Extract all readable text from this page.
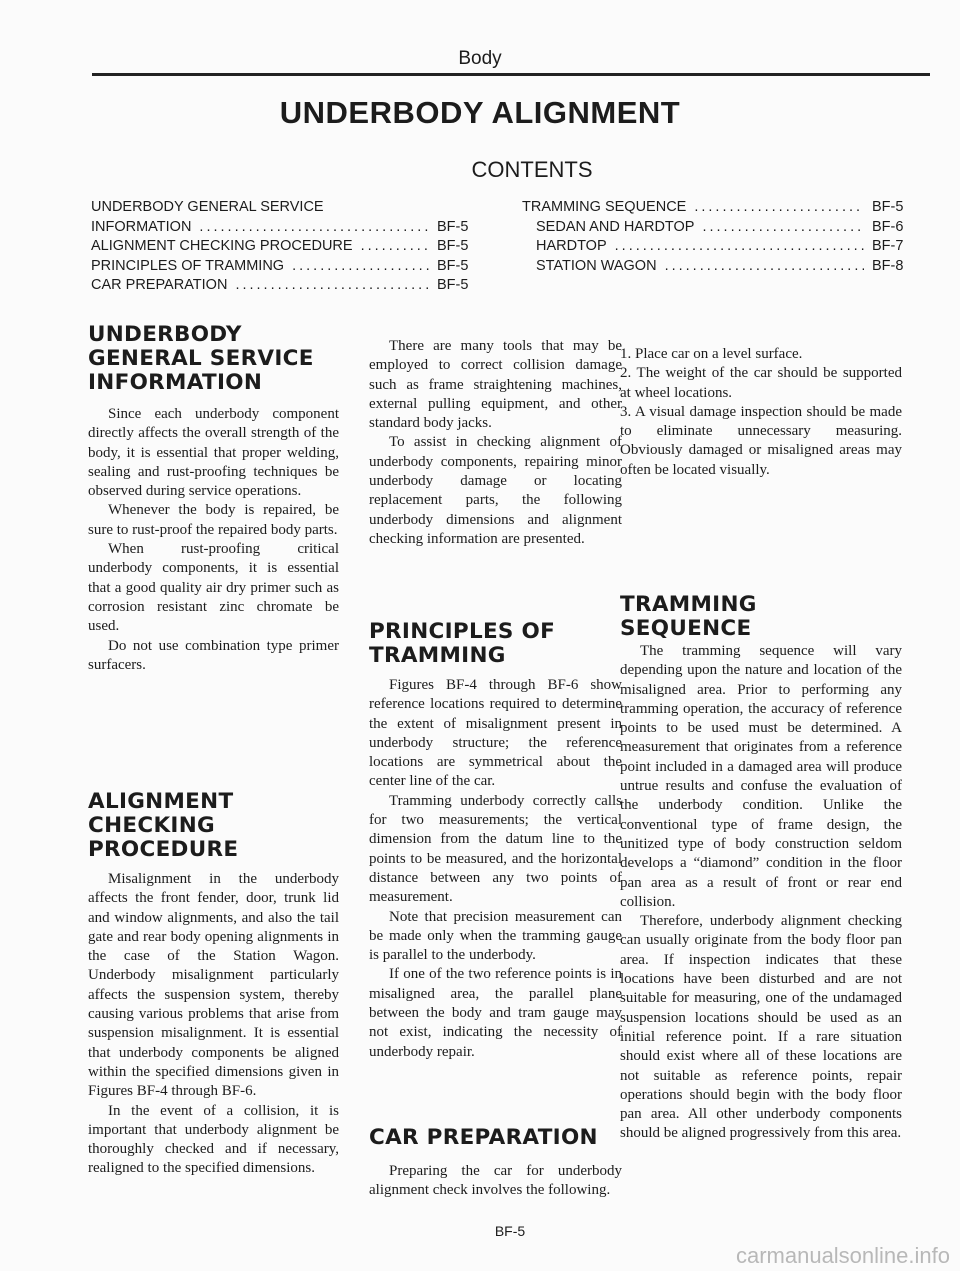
Body
UNDERBODY ALIGNMENT
CONTENTS
UNDERBODY GENERAL SERVICE
INFORMATION .....	BF-5
ALIGNMENT CHECKING PROCEDURE .....	BF-5
PRINCIPLES OF TRAMMING .....	BF-5
CAR PREPARATION .....	BF-5
TRAMMING SEQUENCE .....	BF-5
SEDAN AND HARDTOP .....	BF-6
HARDTOP .....	BF-7
STATION WAGON .....	BF-8
UNDERBODY
GENERAL SERVICE
INFORMATION

Since each underbody component directly affects the overall strength of the body, it is essential that proper welding, sealing and rust-proofing techniques be observed during service operations.

Whenever the body is repaired, be sure to rust-proof the repaired body parts.

When rust-proofing critical underbody components, it is essential that a good quality air dry primer such as corrosion resistant zinc chromate be used.

Do not use combination type primer surfacers.

ALIGNMENT
CHECKING
PROCEDURE

Misalignment in the underbody affects the front fender, door, trunk lid and window alignments, and also the tail gate and rear body opening alignments in the case of the Station Wagon. Underbody misalignment particularly affects the suspension system, thereby causing various problems that arise from suspension misalignment. It is essential that underbody components be aligned within the specified dimensions given in Figures BF-4 through BF-6.

In the event of a collision, it is important that underbody alignment be thoroughly checked and if necessary, realigned to the specified dimensions.

There are many tools that may be employed to correct collision damage such as frame straightening machines, external pulling equipment, and other standard body jacks.

To assist in checking alignment of underbody components, repairing minor underbody damage or locating replacement parts, the following underbody dimensions and alignment checking information are presented.

PRINCIPLES OF
TRAMMING

Figures BF-4 through BF-6 show reference locations required to determine the extent of misalignment present in underbody structure; the reference locations are symmetrical about the center line of the car.

Tramming underbody correctly calls for two measurements; the vertical dimension from the datum line to the points to be measured, and the horizontal distance between any two points of measurement.

Note that precision measurement can be made only when the tramming gauge is parallel to the underbody.

If one of the two reference points is in misaligned area, the parallel plane between the body and tram gauge may not exist, indicating the necessity of underbody repair.

CAR PREPARATION

Preparing the car for underbody alignment check involves the following.

1. Place car on a level surface.

2. The weight of the car should be supported at wheel locations.

3. A visual damage inspection should be made to eliminate unnecessary measuring. Obviously damaged or misaligned areas may often be located visually.

TRAMMING
SEQUENCE

The tramming sequence will vary depending upon the nature and location of the misaligned area. Prior to performing any tramming operation, the accuracy of reference points to be used must be determined. A measurement that originates from a reference point included in a damaged area will produce untrue results and confuse the evaluation of the underbody condition. Unlike the conventional type of frame design, the unitized type of body construction seldom develops a “diamond” condition in the floor pan area as a result of front or rear end collision.

Therefore, underbody alignment checking can usually originate from the body floor pan area. If inspection indicates that these locations have been disturbed and are not suitable for measuring, one of the undamaged suspension locations should be used as an initial reference point. If a rare situation should exist where all of these locations are not suitable as reference points, repair operations should begin with the body floor pan area. All other underbody components should be aligned progressively from this area.

BF-5
carmanualsonline.info
